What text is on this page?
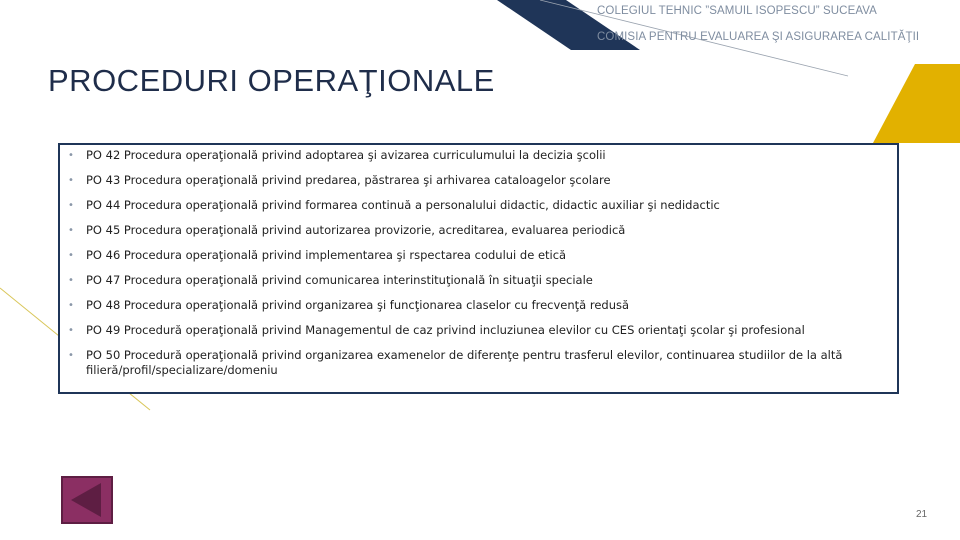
COLEGIUL TEHNIC ”SAMUIL ISOPESCU” SUCEAVA
COMISIA PENTRU EVALUAREA ŞI ASIGURAREA CALITĂŢII
PROCEDURI OPERAŢIONALE
• PO 42 Procedura operaţională privind adoptarea şi avizarea curriculumului la decizia şcolii
• PO 43 Procedura operaţională privind predarea, păstrarea şi arhivarea cataloagelor şcolare
• PO 44 Procedura operaţională privind formarea continuă a personalului didactic, didactic auxiliar şi nedidactic
• PO 45 Procedura operaţională privind autorizarea provizorie, acreditarea, evaluarea periodică
• PO 46 Procedura operaţională privind implementarea şi rspectarea codului de etică
• PO 47 Procedura operaţională privind comunicarea interinstituţională în situaţii speciale
• PO 48 Procedura operaţională privind organizarea şi funcţionarea claselor cu frecvenţă redusă
• PO 49 Procedură operaţională privind Managementul de caz privind incluziunea elevilor cu CES orientaţi şcolar şi profesional
• PO 50 Procedură operaţională privind organizarea examenelor de diferenţe pentru trasferul elevilor, continuarea studiilor de la altă filieră/profil/specializare/domeniu
21
